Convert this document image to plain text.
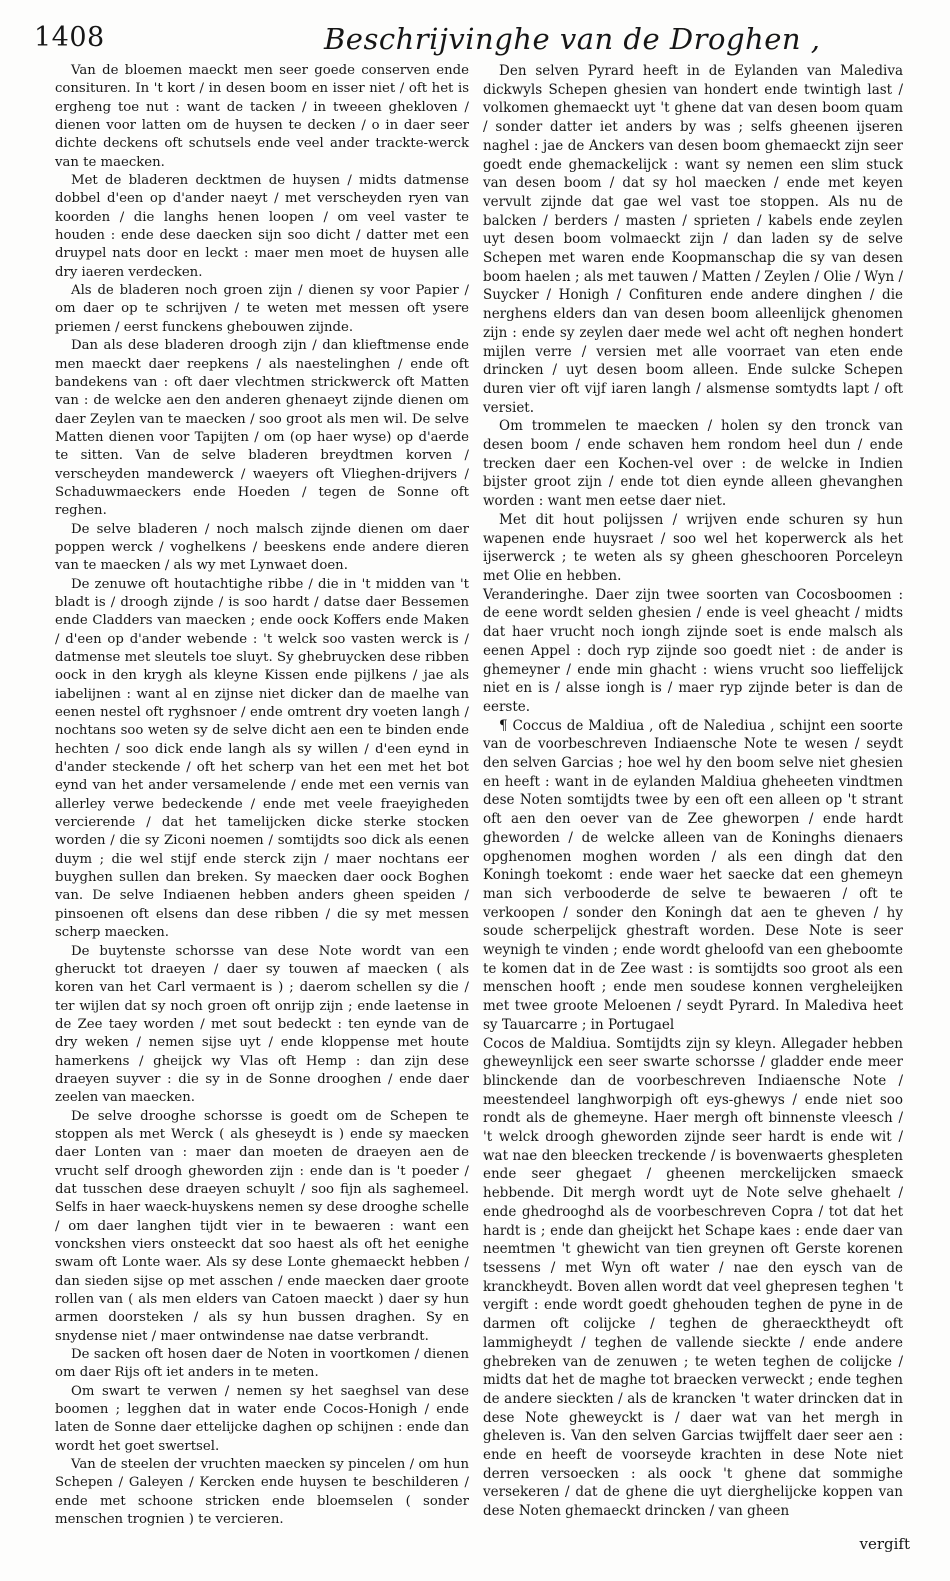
1408	Beschrijvinghe van de Droghen ,

Van de bloemen maeckt men seer goede conserven ende consituren. In 't kort / in desen boom en isser niet / oft het is ergheng toe nut : want de tacken / in tweeen ghekloven / dienen voor latten om de huysen te decken / o in daer seer dichte deckens oft schutsels ende veel ander trackte-werck van te maecken.

Met de bladeren decktmen de huysen / midts datmense dobbel d'een op d'ander naeyt / met verscheyden ryen van koorden / die langhs henen loopen / om veel vaster te houden : ende dese daecken sijn soo dicht / datter met een druypel nats door en leckt : maer men moet de huysen alle dry iaeren verdecken.

Als de bladeren noch groen zijn / dienen sy voor Papier / om daer op te schrijven / te weten met messen oft ysere priemen / eerst funckens ghebouwen zijnde.

Dan als dese bladeren droogh zijn / dan klieftmense ende men maeckt daer reepkens / als naestelinghen / ende oft bandekens van : oft daer vlechtmen strickwerck oft Matten van : de welcke aen den anderen ghenaeyt zijnde dienen om daer Zeylen van te maecken / soo groot als men wil. De selve Matten dienen voor Tapijten / om (op haer wyse) op d'aerde te sitten. Van de selve bladeren breydtmen korven / verscheyden mandewerck / waeyers oft Vlieghen-drijvers / Schaduwmaeckers ende Hoeden / tegen de Sonne oft reghen.

De selve bladeren / noch malsch zijnde dienen om daer poppen werck / voghelkens / beeskens ende andere dieren van te maecken / als wy met Lynwaet doen.

De zenuwe oft houtachtighe ribbe / die in 't midden van 't bladt is / droogh zijnde / is soo hardt / datse daer Bessemen ende Cladders van maecken ; ende oock Koffers ende Maken / d'een op d'ander webende : 't welck soo vasten werck is / datmense met sleutels toe sluyt. Sy ghebruycken dese ribben oock in den krygh als kleyne Kissen ende pijlkens / jae als iabelijnen : want al en zijnse niet dicker dan de maelhe van eenen nestel oft ryghsnoer / ende omtrent dry voeten langh / nochtans soo weten sy de selve dicht aen een te binden ende hechten / soo dick ende langh als sy willen / d'een eynd in d'ander steckende / oft het scherp van het een met het bot eynd van het ander versamelende / ende met een vernis van allerley verwe bedeckende / ende met veele fraeyigheden vercierende / dat het tamelijcken dicke sterke stocken worden / die sy Ziconi noemen / somtijdts soo dick als eenen duym ; die wel stijf ende sterck zijn / maer nochtans eer buyghen sullen dan breken. Sy maecken daer oock Boghen van. De selve Indiaenen hebben anders gheen speiden / pinsoenen oft elsens dan dese ribben / die sy met messen scherp maecken.

De buytenste schorsse van dese Note wordt van een gheruckt tot draeyen / daer sy touwen af maecken ( als koren van het Carl vermaent is ) ; daerom schellen sy die / ter wijlen dat sy noch groen oft onrijp zijn ; ende laetense in de Zee taey worden / met sout bedeckt : ten eynde van de dry weken / nemen sijse uyt / ende kloppense met houte hamerkens / gheijck wy Vlas oft Hemp : dan zijn dese draeyen suyver : die sy in de Sonne drooghen / ende daer zeelen van maecken.

De selve drooghe schorsse is goedt om de Schepen te stoppen als met Werck ( als gheseydt is ) ende sy maecken daer Lonten van : maer dan moeten de draeyen aen de vrucht self droogh gheworden zijn : ende dan is 't poeder / dat tusschen dese draeyen schuylt / soo fijn als saghemeel. Selfs in haer waeck-huyskens nemen sy dese drooghe schelle / om daer langhen tijdt vier in te bewaeren : want een vonckshen viers onsteeckt dat soo haest als oft het eenighe swam oft Lonte waer. Als sy dese Lonte ghemaeckt hebben / dan sieden sijse op met asschen / ende maecken daer groote rollen van ( als men elders van Catoen maeckt ) daer sy hun armen doorsteken / als sy hun bussen draghen. Sy en snydense niet / maer ontwindense nae datse verbrandt.

De sacken oft hosen daer de Noten in voortkomen / dienen om daer Rijs oft iet anders in te meten.

Om swart te verwen / nemen sy het saeghsel van dese boomen ; legghen dat in water ende Cocos-Honigh / ende laten de Sonne daer ettelijcke daghen op schijnen : ende dan wordt het goet swertsel.

Van de steelen der vruchten maecken sy pincelen / om hun Schepen / Galeyen / Kercken ende huysen te beschilderen / ende met schoone stricken ende bloemselen ( sonder menschen trognien ) te vercieren.

Den selven Pyrard heeft in de Eylanden van Malediva dickwyls Schepen ghesien van hondert ende twintigh last / volkomen ghemaeckt uyt 't ghene dat van desen boom quam / sonder datter iet anders by was ; selfs gheenen ijseren naghel : jae de Anckers van desen boom ghemaeckt zijn seer goedt ende ghemackelijck : want sy nemen een slim stuck van desen boom / dat sy hol maecken / ende met keyen vervult zijnde dat gae wel vast toe stoppen. Als nu de balcken / berders / masten / sprieten / kabels ende zeylen uyt desen boom volmaeckt zijn / dan laden sy de selve Schepen met waren ende Koopmanschap die sy van desen boom haelen ; als met tauwen / Matten / Zeylen / Olie / Wyn / Suycker / Honigh / Confituren ende andere dinghen / die nerghens elders dan van desen boom alleenlijck ghenomen zijn : ende sy zeylen daer mede wel acht oft neghen hondert mijlen verre / versien met alle voorraet van eten ende drincken / uyt desen boom alleen. Ende sulcke Schepen duren vier oft vijf iaren langh / alsmense somtydts lapt / oft versiet.

Om trommelen te maecken / holen sy den tronck van desen boom / ende schaven hem rondom heel dun / ende trecken daer een Kochen-vel over : de welcke in Indien bijster groot zijn / ende tot dien eynde alleen ghevanghen worden : want men eetse daer niet.

Met dit hout polijssen / wrijven ende schuren sy hun wapenen ende huysraet / soo wel het koperwerck als het ijserwerck ; te weten als sy gheen gheschooren Porceleyn met Olie en hebben.

Veranderinghe. Daer zijn twee soorten van Cocosboomen : de eene wordt selden ghesien / ende is veel gheacht / midts dat haer vrucht noch iongh zijnde soet is ende malsch als eenen Appel : doch ryp zijnde soo goedt niet : de ander is ghemeyner / ende min ghacht : wiens vrucht soo lieffelijck niet en is / alsse iongh is / maer ryp zijnde beter is dan de eerste.

¶ Coccus de Maldiua , oft de Nalediua , schijnt een soorte van de voorbeschreven Indiaensche Note te wesen / seydt den selven Garcias ; hoe wel hy den boom selve niet ghesien en heeft : want in de eylanden Maldiua gheheeten vindtmen dese Noten somtijdts twee by een oft een alleen op 't strant oft aen den oever van de Zee gheworpen / ende hardt gheworden / de welcke alleen van de Koninghs dienaers opghenomen moghen worden / als een dingh dat den Koningh toekomt : ende waer het saecke dat een ghemeyn man sich verbooderde de selve te bewaeren / oft te verkoopen / sonder den Koningh dat aen te gheven / hy soude scherpelijck ghestraft worden. Dese Note is seer weynigh te vinden ; ende wordt gheloofd van een gheboomte te komen dat in de Zee wast : is somtijdts soo groot als een menschen hooft ; ende men soudese konnen vergheleijken met twee groote Meloenen / seydt Pyrard. In Malediva heet sy Tauarcarre ; in Portugael

Cocos de Maldiua. Somtijdts zijn sy kleyn. Allegader hebben gheweynlijck een seer swarte schorsse / gladder ende meer blinckende dan de voorbeschreven Indiaensche Note / meestendeel langhworpigh oft eys-ghewys / ende niet soo rondt als de ghemeyne. Haer mergh oft binnenste vleesch / 't welck droogh gheworden zijnde seer hardt is ende wit / wat nae den bleecken treckende / is bovenwaerts ghespleten ende seer ghegaet / gheenen merckelijcken smaeck hebbende. Dit mergh wordt uyt de Note selve ghehaelt / ende ghedrooghd als de voorbeschreven Copra / tot dat het hardt is ; ende dan gheijckt het Schape kaes : ende daer van neemtmen 't ghewicht van tien greynen oft Gerste korenen tsessens / met Wyn oft water / nae den eysch van de kranckheydt. Boven allen wordt dat veel ghepresen teghen 't vergift : ende wordt goedt ghehouden teghen de pyne in de darmen oft colijcke / teghen de gheraecktheydt oft lammigheydt / teghen de vallende sieckte / ende andere ghebreken van de zenuwen ; te weten teghen de colijcke / midts dat het de maghe tot braecken verweckt ; ende teghen de andere sieckten / als de krancken 't water drincken dat in dese Note gheweyckt is / daer wat van het mergh in gheleven is. Van den selven Garcias twijffelt daer seer aen : ende en heeft de voorseydе krachten in dese Note niet derren versoecken : als oock 't ghene dat sommighe versekeren / dat de ghene die uyt dierghelijcke koppen van dese Noten ghemaeckt drincken / van gheen

vergift
